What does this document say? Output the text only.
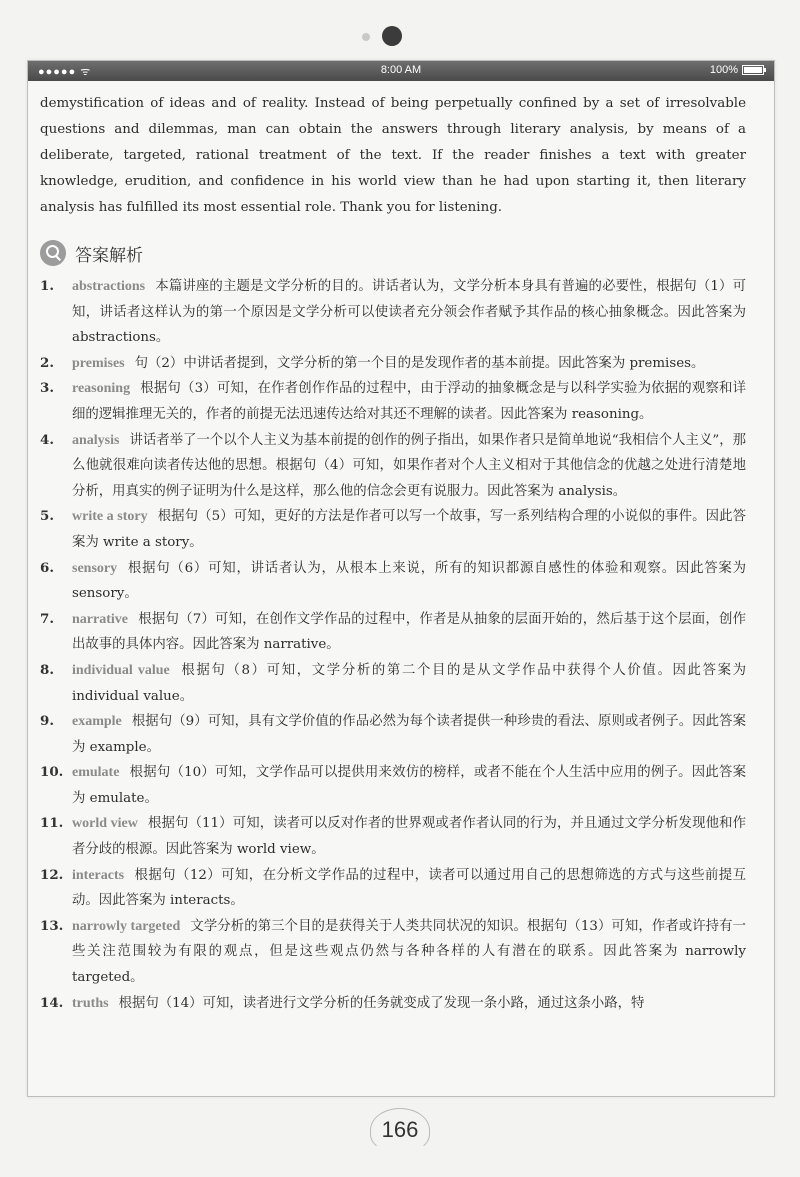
●●●●● ᯤ	8:00 AM	100%

demystification of ideas and of reality. Instead of being perpetually confined by a set of irresolvable questions and dilemmas, man can obtain the answers through literary analysis, by means of a deliberate, targeted, rational treatment of the text. If the reader finishes a text with greater knowledge, erudition, and confidence in his world view than he had upon starting it, then literary analysis has fulfilled its most essential role. Thank you for listening.

答案解析
1. abstractions 本篇讲座的主题是文学分析的目的。讲话者认为，文学分析本身具有普遍的必要性，根据句（1）可知，讲话者这样认为的第一个原因是文学分析可以使读者充分领会作者赋予其作品的核心抽象概念。因此答案为 abstractions。
2. premises 句（2）中讲话者提到，文学分析的第一个目的是发现作者的基本前提。因此答案为 premises。
3. reasoning 根据句（3）可知，在作者创作作品的过程中，由于浮动的抽象概念是与以科学实验为依据的观察和详细的逻辑推理无关的，作者的前提无法迅速传达给对其还不理解的读者。因此答案为 reasoning。
4. analysis 讲话者举了一个以个人主义为基本前提的创作的例子指出，如果作者只是简单地说“我相信个人主义”，那么他就很难向读者传达他的思想。根据句（4）可知，如果作者对个人主义相对于其他信念的优越之处进行清楚地分析，用真实的例子证明为什么是这样，那么他的信念会更有说服力。因此答案为 analysis。
5. write a story 根据句（5）可知，更好的方法是作者可以写一个故事，写一系列结构合理的小说似的事件。因此答案为 write a story。
6. sensory 根据句（6）可知，讲话者认为，从根本上来说，所有的知识都源自感性的体验和观察。因此答案为 sensory。
7. narrative 根据句（7）可知，在创作文学作品的过程中，作者是从抽象的层面开始的，然后基于这个层面，创作出故事的具体内容。因此答案为 narrative。
8. individual value 根据句（8）可知，文学分析的第二个目的是从文学作品中获得个人价值。因此答案为 individual value。
9. example 根据句（9）可知，具有文学价值的作品必然为每个读者提供一种珍贵的看法、原则或者例子。因此答案为 example。
10. emulate 根据句（10）可知，文学作品可以提供用来效仿的榜样，或者不能在个人生活中应用的例子。因此答案为 emulate。
11. world view 根据句（11）可知，读者可以反对作者的世界观或者作者认同的行为，并且通过文学分析发现他和作者分歧的根源。因此答案为 world view。
12. interacts 根据句（12）可知，在分析文学作品的过程中，读者可以通过用自己的思想筛选的方式与这些前提互动。因此答案为 interacts。
13. narrowly targeted 文学分析的第三个目的是获得关于人类共同状况的知识。根据句（13）可知，作者或许持有一些关注范围较为有限的观点，但是这些观点仍然与各种各样的人有潜在的联系。因此答案为 narrowly targeted。
14. truths 根据句（14）可知，读者进行文学分析的任务就变成了发现一条小路，通过这条小路，特
166
